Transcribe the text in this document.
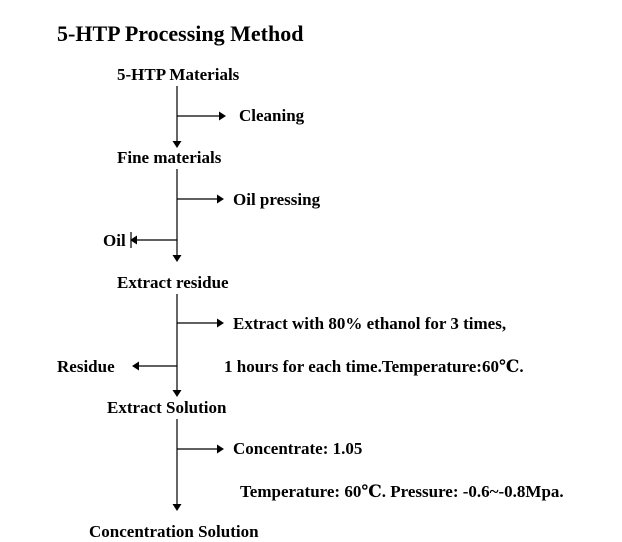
5-HTP Processing Method
5-HTP Materials
Cleaning
Fine materials
Oil pressing
Oil
Extract residue
Extract with 80% ethanol for 3 times,
Residue	1 hours for each time.Temperature:60℃.
Extract Solution
Concentrate: 1.05
Temperature: 60℃. Pressure: -0.6~-0.8Mpa.
Concentration Solution
